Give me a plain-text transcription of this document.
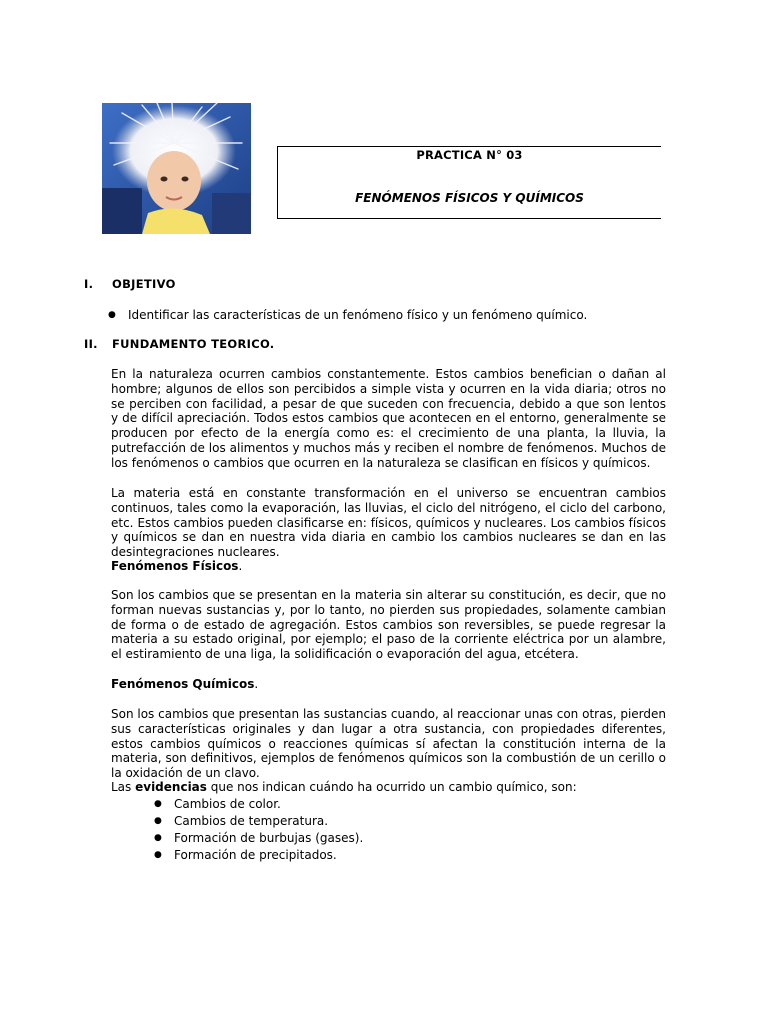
PRACTICA N° 03
FENÓMENOS FÍSICOS Y QUÍMICOS
I. OBJETIVO
● Identificar las características de un fenómeno físico y un fenómeno químico.
II. FUNDAMENTO TEORICO.

En la naturaleza ocurren cambios constantemente. Estos cambios benefician o dañan al hombre; algunos de ellos son percibidos a simple vista y ocurren en la vida diaria; otros no se perciben con facilidad, a pesar de que suceden con frecuencia, debido a que son lentos y de difícil apreciación. Todos estos cambios que acontecen en el entorno, generalmente se producen por efecto de la energía como es: el crecimiento de una planta, la lluvia, la putrefacción de los alimentos y muchos más y reciben el nombre de fenómenos. Muchos de los fenómenos o cambios que ocurren en la naturaleza se clasifican en físicos y químicos.

La materia está en constante transformación en el universo se encuentran cambios continuos, tales como la evaporación, las lluvias, el ciclo del nitrógeno, el ciclo del carbono, etc. Estos cambios pueden clasificarse en: físicos, químicos y nucleares. Los cambios físicos y químicos se dan en nuestra vida diaria en cambio los cambios nucleares se dan en las desintegraciones nucleares.

Fenómenos Físicos.

Son los cambios que se presentan en la materia sin alterar su constitución, es decir, que no forman nuevas sustancias y, por lo tanto, no pierden sus propiedades, solamente cambian de forma o de estado de agregación. Estos cambios son reversibles, se puede regresar la materia a su estado original, por ejemplo; el paso de la corriente eléctrica por un alambre, el estiramiento de una liga, la solidificación o evaporación del agua, etcétera.

Fenómenos Químicos.

Son los cambios que presentan las sustancias cuando, al reaccionar unas con otras, pierden sus características originales y dan lugar a otra sustancia, con propiedades diferentes, estos cambios químicos o reacciones químicas sí afectan la constitución interna de la materia, son definitivos, ejemplos de fenómenos químicos son la combustión de un cerillo o la oxidación de un clavo.

Las evidencias que nos indican cuándo ha ocurrido un cambio químico, son:

● Cambios de color.
● Cambios de temperatura.
● Formación de burbujas (gases).
● Formación de precipitados.
